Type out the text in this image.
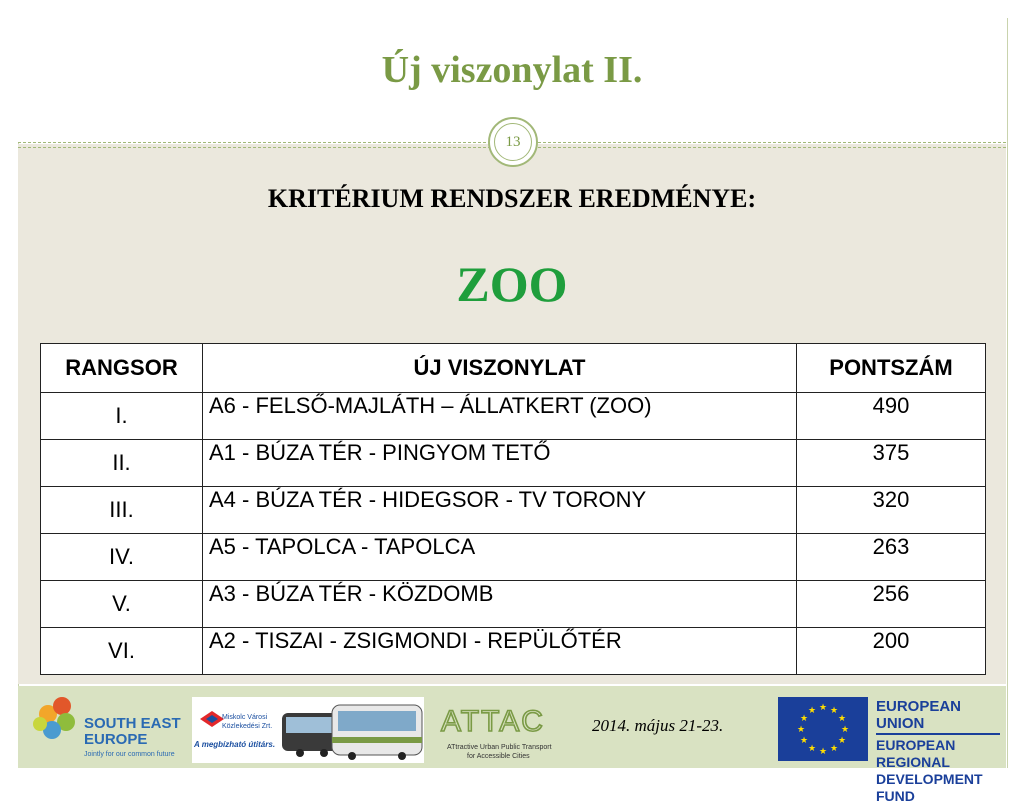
Új viszonylat II.
13
KRITÉRIUM RENDSZER EREDMÉNYE:
ZOO
RANGSOR	ÚJ VISZONYLAT	PONTSZÁM
I.	A6 - FELSŐ-MAJLÁTH – ÁLLATKERT (ZOO)	490
II.	A1 - BÚZA TÉR - PINGYOM TETŐ	375
III.	A4 - BÚZA TÉR - HIDEGSOR - TV TORONY	320
IV.	A5 - TAPOLCA - TAPOLCA	263
V.	A3 - BÚZA TÉR - KÖZDOMB	256
VI.	A2 - TISZAI - ZSIGMONDI - REPÜLŐTÉR	200
SOUTH EAST
EUROPE
Jointly for our common future
Miskolc Városi
Közlekedési Zrt.
A megbízható útitárs.
ATTAC
ATtractive Urban Public Transport
for Accessible Cities
2014. május 21-23.
★ ★
★
★
★
★
★
★
★
★
★
★	EUROPEAN UNION
EUROPEAN REGIONAL
DEVELOPMENT FUND
